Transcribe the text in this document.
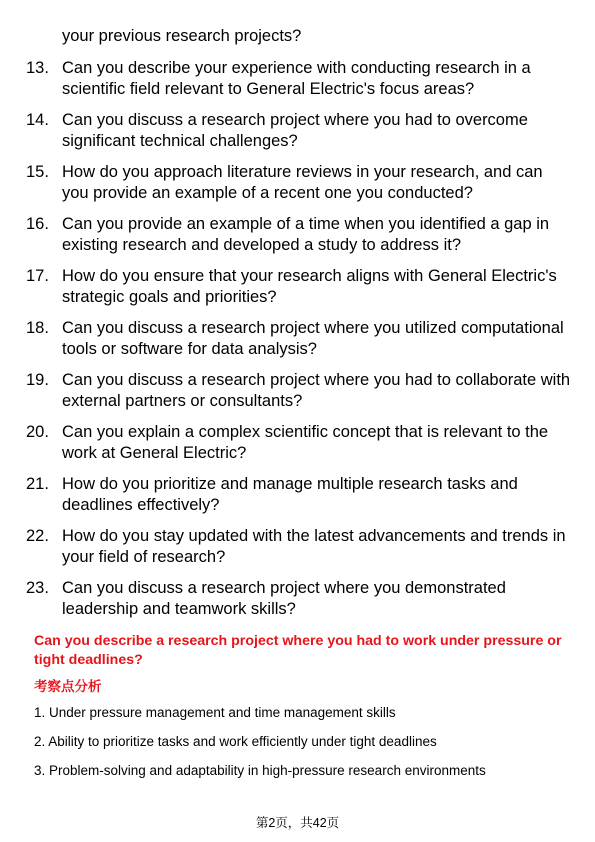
your previous research projects?
13. Can you describe your experience with conducting research in a scientific field relevant to General Electric's focus areas?
14. Can you discuss a research project where you had to overcome significant technical challenges?
15. How do you approach literature reviews in your research, and can you provide an example of a recent one you conducted?
16. Can you provide an example of a time when you identified a gap in existing research and developed a study to address it?
17. How do you ensure that your research aligns with General Electric's strategic goals and priorities?
18. Can you discuss a research project where you utilized computational tools or software for data analysis?
19. Can you discuss a research project where you had to collaborate with external partners or consultants?
20. Can you explain a complex scientific concept that is relevant to the work at General Electric?
21. How do you prioritize and manage multiple research tasks and deadlines effectively?
22. How do you stay updated with the latest advancements and trends in your field of research?
23. Can you discuss a research project where you demonstrated leadership and teamwork skills?
Can you describe a research project where you had to work under pressure or tight deadlines?
考察点分析
1. Under pressure management and time management skills
2. Ability to prioritize tasks and work efficiently under tight deadlines
3. Problem-solving and adaptability in high-pressure research environments
第2页，共42页
